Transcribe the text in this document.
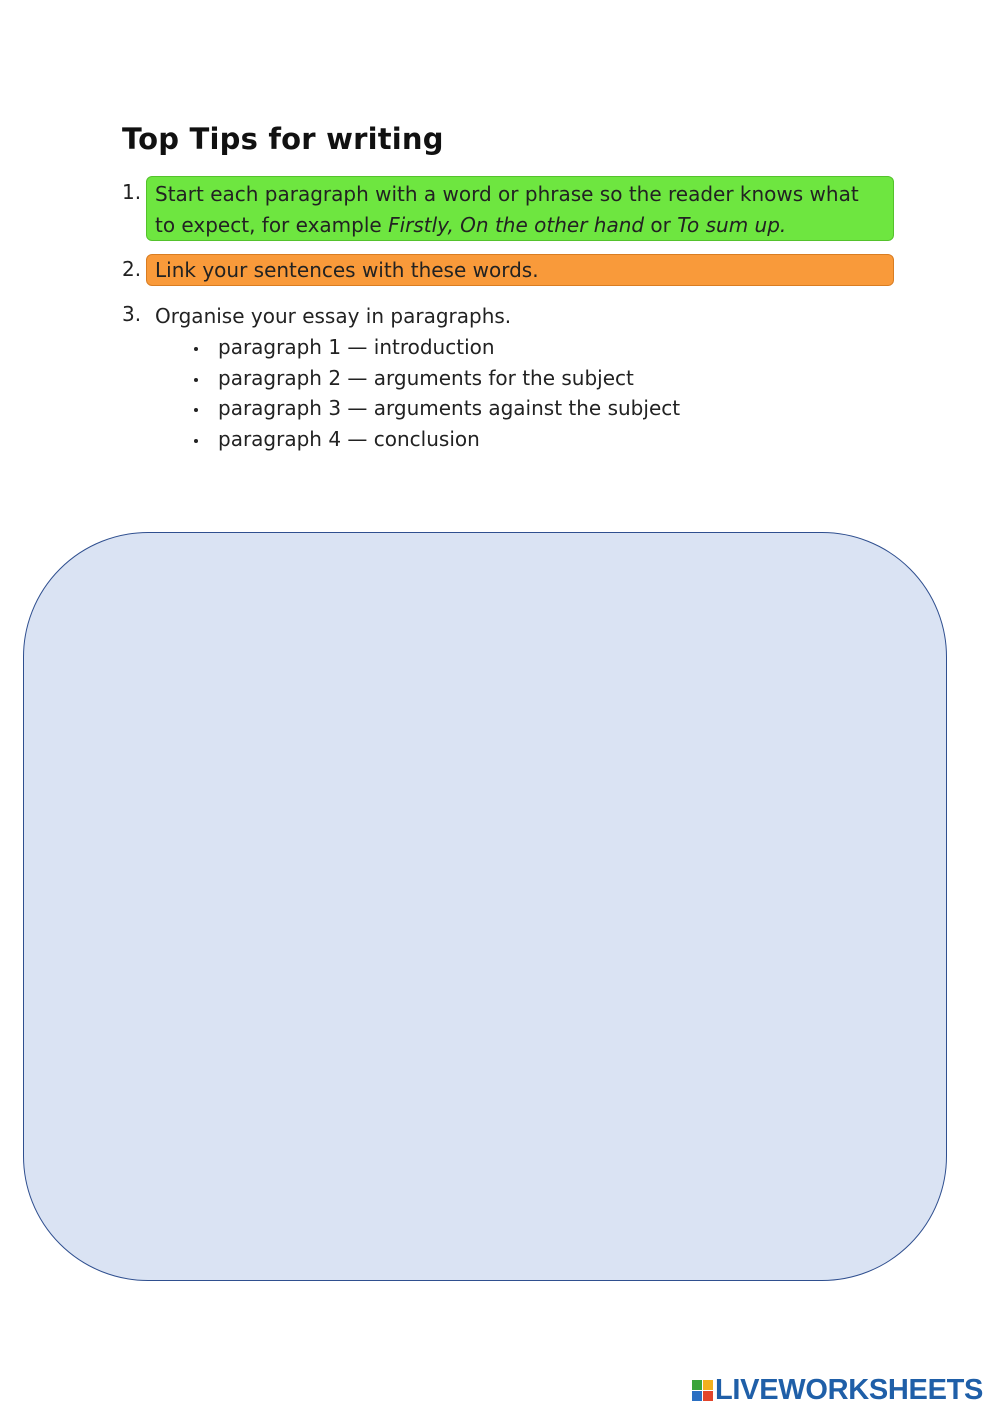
Top Tips for writing
1. Start each paragraph with a word or phrase so the reader knows what to expect, for example Firstly, On the other hand or To sum up.
2. Link your sentences with these words.
3. Organise your essay in paragraphs.
paragraph 1 — introduction
paragraph 2 — arguments for the subject
paragraph 3 — arguments against the subject
paragraph 4 — conclusion
LIVEWORKSHEETS
